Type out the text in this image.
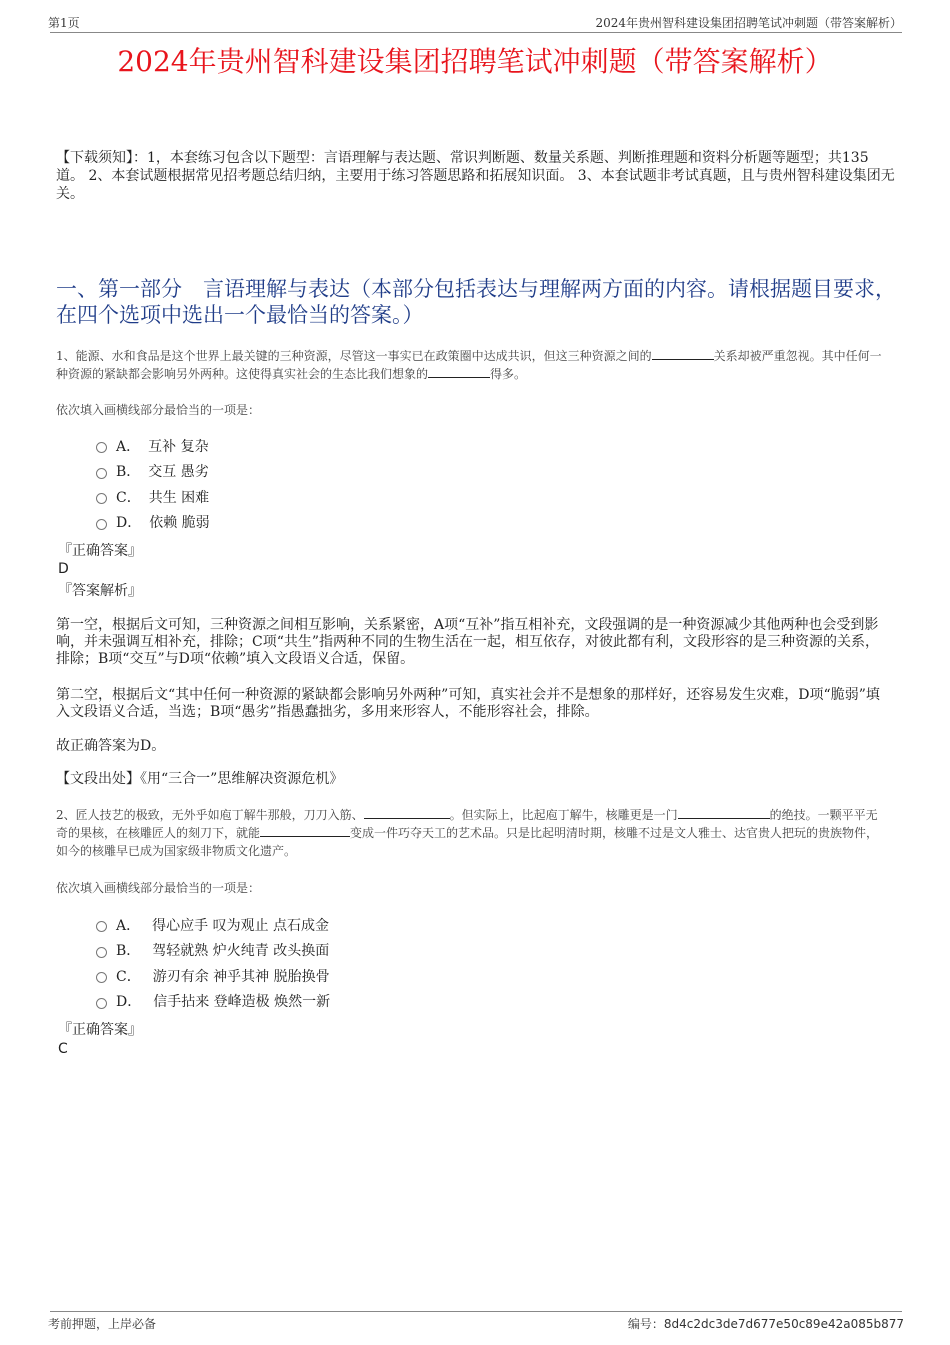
第1页	2024年贵州智科建设集团招聘笔试冲刺题（带答案解析）
2024年贵州智科建设集团招聘笔试冲刺题（带答案解析）
【下载须知】：1，本套练习包含以下题型：言语理解与表达题、常识判断题、数量关系题、判断推理题和资料分析题等题型；共135道。 2、本套试题根据常见招考题总结归纳，主要用于练习答题思路和拓展知识面。 3、本套试题非考试真题，且与贵州智科建设集团无关。
一、第一部分　言语理解与表达（本部分包括表达与理解两方面的内容。请根据题目要求，在四个选项中选出一个最恰当的答案。）
1、能源、水和食品是这个世界上最关键的三种资源，尽管这一事实已在政策圈中达成共识，但这三种资源之间的	关系却被严重忽视。其中任何一种资源的紧缺都会影响另外两种。这使得真实社会的生态比我们想象的	得多。
依次填入画横线部分最恰当的一项是：
A． 互补 复杂
B． 交互 愚劣
C． 共生 困难
D． 依赖 脆弱
『正确答案』
D
『答案解析』
第一空，根据后文可知，三种资源之间相互影响，关系紧密，A项“互补”指互相补充，文段强调的是一种资源减少其他两种也会受到影响，并未强调互相补充，排除；C项“共生”指两种不同的生物生活在一起，相互依存，对彼此都有利，文段形容的是三种资源的关系，排除；B项“交互”与D项“依赖”填入文段语义合适，保留。
第二空，根据后文“其中任何一种资源的紧缺都会影响另外两种”可知，真实社会并不是想象的那样好，还容易发生灾难，D项“脆弱”填入文段语义合适，当选；B项“愚劣”指愚蠢拙劣，多用来形容人，不能形容社会，排除。
故正确答案为D。
【文段出处】《用“三合一”思维解决资源危机》
2、匠人技艺的极致，无外乎如庖丁解牛那般，刀刀入筋、	。但实际上，比起庖丁解牛，核雕更是一门	的绝技。一颗平平无奇的果核，在核雕匠人的刻刀下，就能	变成一件巧夺天工的艺术品。只是比起明清时期，核雕不过是文人雅士、达官贵人把玩的贵族物件，如今的核雕早已成为国家级非物质文化遗产。
依次填入画横线部分最恰当的一项是：
A． 得心应手 叹为观止 点石成金
B． 驾轻就熟 炉火纯青 改头换面
C． 游刃有余 神乎其神 脱胎换骨
D． 信手拈来 登峰造极 焕然一新
『正确答案』
C
考前押题，上岸必备	编号：8d4c2dc3de7d677e50c89e42a085b877
